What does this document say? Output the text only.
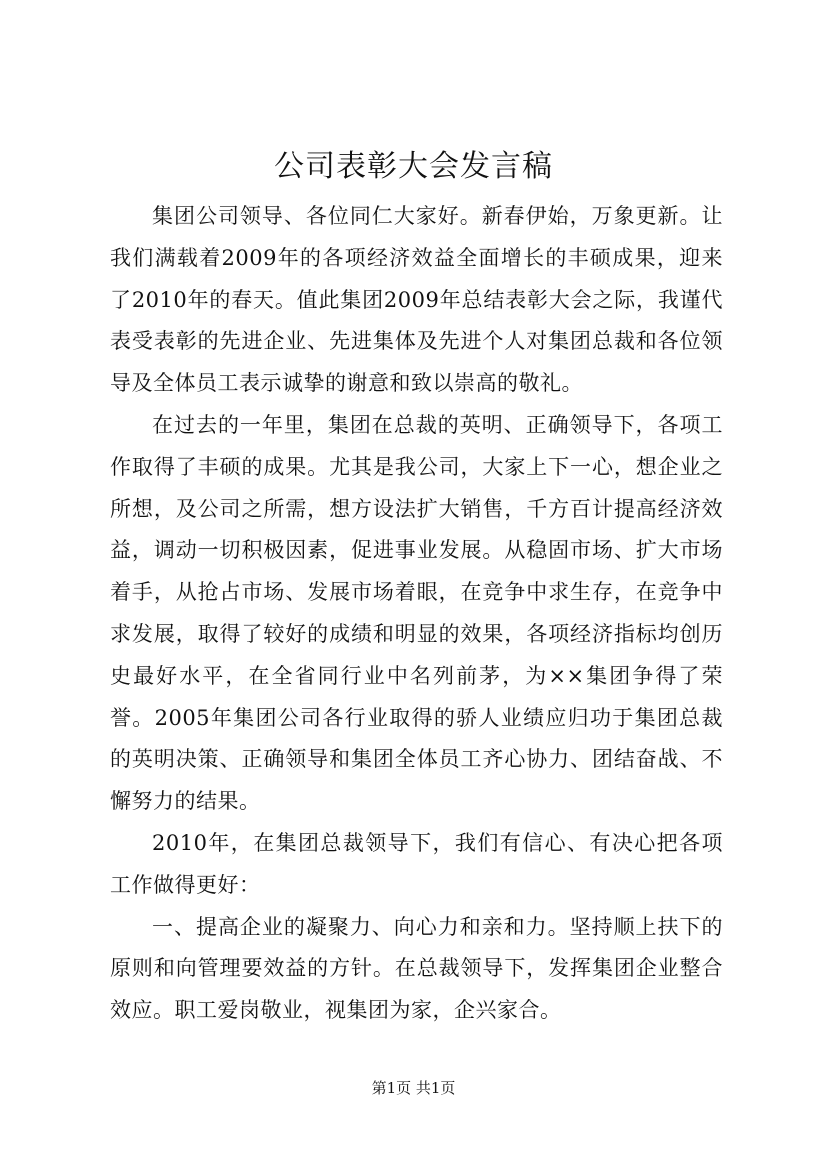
公司表彰大会发言稿

集团公司领导、各位同仁大家好。新春伊始，万象更新。让我们满载着2009年的各项经济效益全面增长的丰硕成果，迎来了2010年的春天。值此集团2009年总结表彰大会之际，我谨代表受表彰的先进企业、先进集体及先进个人对集团总裁和各位领导及全体员工表示诚挚的谢意和致以崇高的敬礼。

在过去的一年里，集团在总裁的英明、正确领导下，各项工作取得了丰硕的成果。尤其是我公司，大家上下一心，想企业之所想，及公司之所需，想方设法扩大销售，千方百计提高经济效益，调动一切积极因素，促进事业发展。从稳固市场、扩大市场着手，从抢占市场、发展市场着眼，在竞争中求生存，在竞争中求发展，取得了较好的成绩和明显的效果，各项经济指标均创历史最好水平，在全省同行业中名列前茅，为××集团争得了荣誉。2005年集团公司各行业取得的骄人业绩应归功于集团总裁的英明决策、正确领导和集团全体员工齐心协力、团结奋战、不懈努力的结果。

2010年，在集团总裁领导下，我们有信心、有决心把各项工作做得更好：

一、提高企业的凝聚力、向心力和亲和力。坚持顺上扶下的原则和向管理要效益的方针。在总裁领导下，发挥集团企业整合效应。职工爱岗敬业，视集团为家，企兴家合。

第1页 共1页
